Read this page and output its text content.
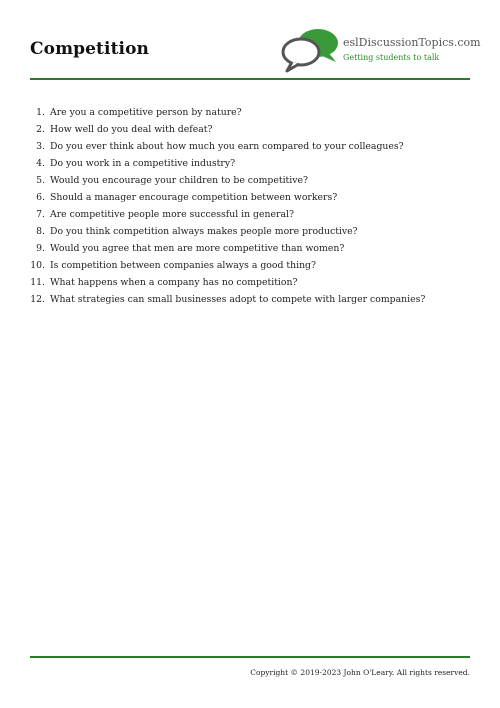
Competition	eslDiscussionTopics.com
Getting students to talk
1. Are you a competitive person by nature?
2. How well do you deal with defeat?
3. Do you ever think about how much you earn compared to your colleagues?
4. Do you work in a competitive industry?
5. Would you encourage your children to be competitive?
6. Should a manager encourage competition between workers?
7. Are competitive people more successful in general?
8. Do you think competition always makes people more productive?
9. Would you agree that men are more competitive than women?
10. Is competition between companies always a good thing?
11. What happens when a company has no competition?
12. What strategies can small businesses adopt to compete with larger companies?
Copyright © 2019-2023 John O'Leary. All rights reserved.
